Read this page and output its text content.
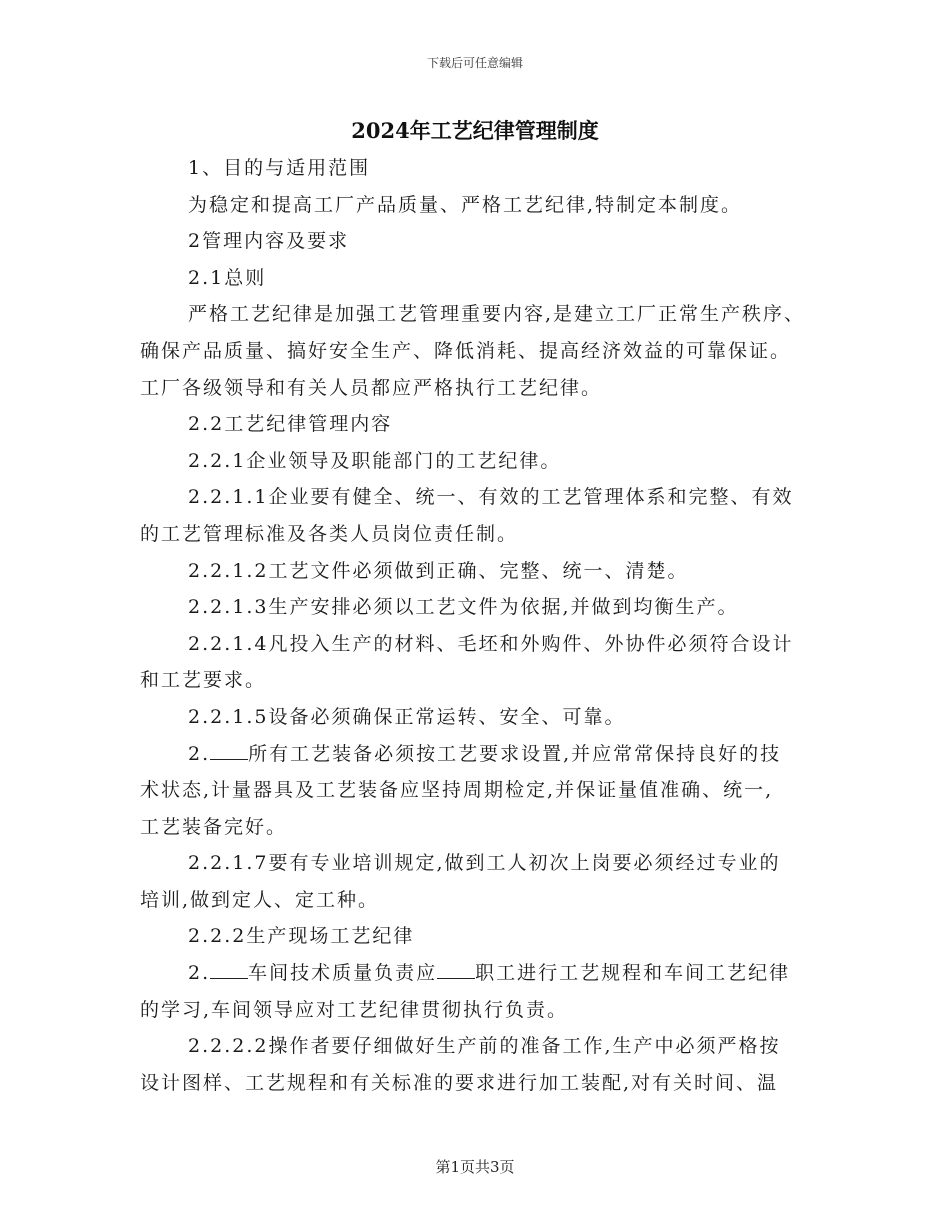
下载后可任意编辑
2024年工艺纪律管理制度
1、目的与适用范围
为稳定和提高工厂产品质量、严格工艺纪律,特制定本制度。
2管理内容及要求
2.1总则
严格工艺纪律是加强工艺管理重要内容,是建立工厂正常生产秩序、
确保产品质量、搞好安全生产、降低消耗、提高经济效益的可靠保证。
工厂各级领导和有关人员都应严格执行工艺纪律。
2.2工艺纪律管理内容
2.2.1企业领导及职能部门的工艺纪律。
2.2.1.1企业要有健全、统一、有效的工艺管理体系和完整、有效
的工艺管理标准及各类人员岗位责任制。
2.2.1.2工艺文件必须做到正确、完整、统一、清楚。
2.2.1.3生产安排必须以工艺文件为依据,并做到均衡生产。
2.2.1.4凡投入生产的材料、毛坯和外购件、外协件必须符合设计
和工艺要求。
2.2.1.5设备必须确保正常运转、安全、可靠。
2. 所有工艺装备必须按工艺要求设置,并应常常保持良好的技
术状态,计量器具及工艺装备应坚持周期检定,并保证量值准确、统一,
工艺装备完好。
2.2.1.7要有专业培训规定,做到工人初次上岗要必须经过专业的
培训,做到定人、定工种。
2.2.2生产现场工艺纪律
2. 车间技术质量负责应 职工进行工艺规程和车间工艺纪律
的学习,车间领导应对工艺纪律贯彻执行负责。
2.2.2.2操作者要仔细做好生产前的准备工作,生产中必须严格按
设计图样、工艺规程和有关标准的要求进行加工装配,对有关时间、温
第1页共3页
